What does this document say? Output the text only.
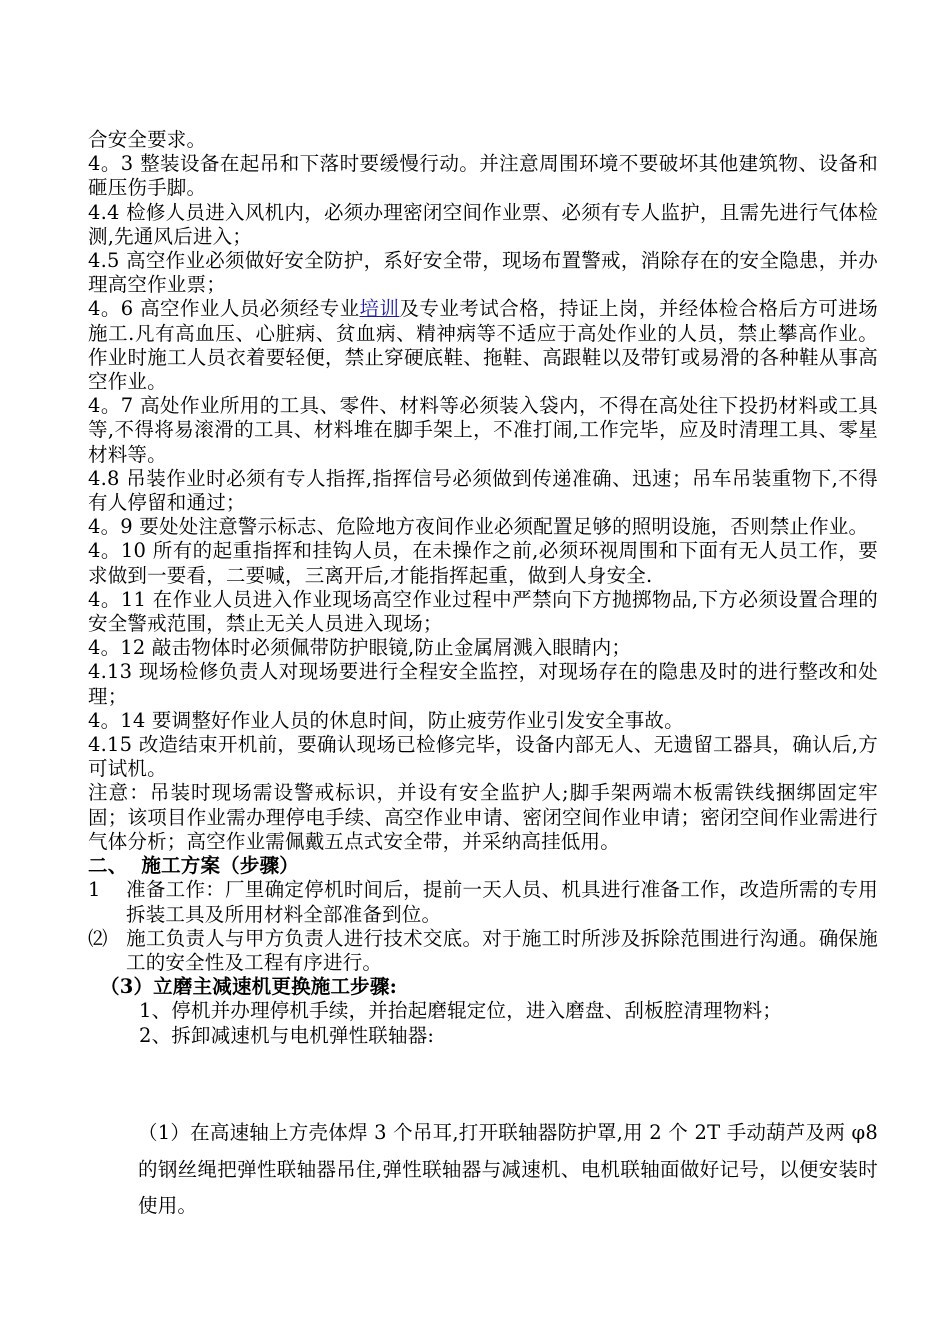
合安全要求。

4。3 整装设备在起吊和下落时要缓慢行动。并注意周围环境不要破坏其他建筑物、设备和砸压伤手脚。

4.4 检修人员进入风机内，必须办理密闭空间作业票、必须有专人监护，且需先进行气体检测,先通风后进入；

4.5 高空作业必须做好安全防护，系好安全带，现场布置警戒，消除存在的安全隐患，并办理高空作业票；

4。6 高空作业人员必须经专业培训及专业考试合格，持证上岗，并经体检合格后方可进场施工.凡有高血压、心脏病、贫血病、精神病等不适应于高处作业的人员，禁止攀高作业。作业时施工人员衣着要轻便，禁止穿硬底鞋、拖鞋、高跟鞋以及带钉或易滑的各种鞋从事高空作业。

4。7 高处作业所用的工具、零件、材料等必须装入袋内，不得在高处往下投扔材料或工具等,不得将易滚滑的工具、材料堆在脚手架上，不准打闹,工作完毕，应及时清理工具、零星材料等。

4.8 吊装作业时必须有专人指挥,指挥信号必须做到传递准确、迅速；吊车吊装重物下,不得有人停留和通过；

4。9 要处处注意警示标志、危险地方夜间作业必须配置足够的照明设施，否则禁止作业。

4。10 所有的起重指挥和挂钩人员，在未操作之前,必须环视周围和下面有无人员工作，要求做到一要看，二要喊，三离开后,才能指挥起重，做到人身安全.

4。11 在作业人员进入作业现场高空作业过程中严禁向下方抛掷物品,下方必须设置合理的安全警戒范围，禁止无关人员进入现场；

4。12 敲击物体时必须佩带防护眼镜,防止金属屑溅入眼睛内；

4.13 现场检修负责人对现场要进行全程安全监控，对现场存在的隐患及时的进行整改和处理；

4。14 要调整好作业人员的休息时间，防止疲劳作业引发安全事故。

4.15 改造结束开机前，要确认现场已检修完毕，设备内部无人、无遗留工器具，确认后,方可试机。

注意：吊装时现场需设警戒标识，并设有安全监护人;脚手架两端木板需铁线捆绑固定牢固；该项目作业需办理停电手续、高空作业申请、密闭空间作业申请；密闭空间作业需进行气体分析；高空作业需佩戴五点式安全带，并采纳高挂低用。

二、  施工方案（步骤）

1 准备工作：厂里确定停机时间后，提前一天人员、机具进行准备工作，改造所需的专用拆装工具及所用材料全部准备到位。

⑵ 施工负责人与甲方负责人进行技术交底。对于施工时所涉及拆除范围进行沟通。确保施工的安全性及工程有序进行。

（3）立磨主减速机更换施工步骤:

1、停机并办理停机手续，并抬起磨辊定位，进入磨盘、刮板腔清理物料；

2、拆卸减速机与电机弹性联轴器:

（1）在高速轴上方壳体焊 3 个吊耳,打开联轴器防护罩,用 2 个 2T 手动葫芦及两 φ8 的钢丝绳把弹性联轴器吊住,弹性联轴器与减速机、电机联轴面做好记号，以便安装时使用。
